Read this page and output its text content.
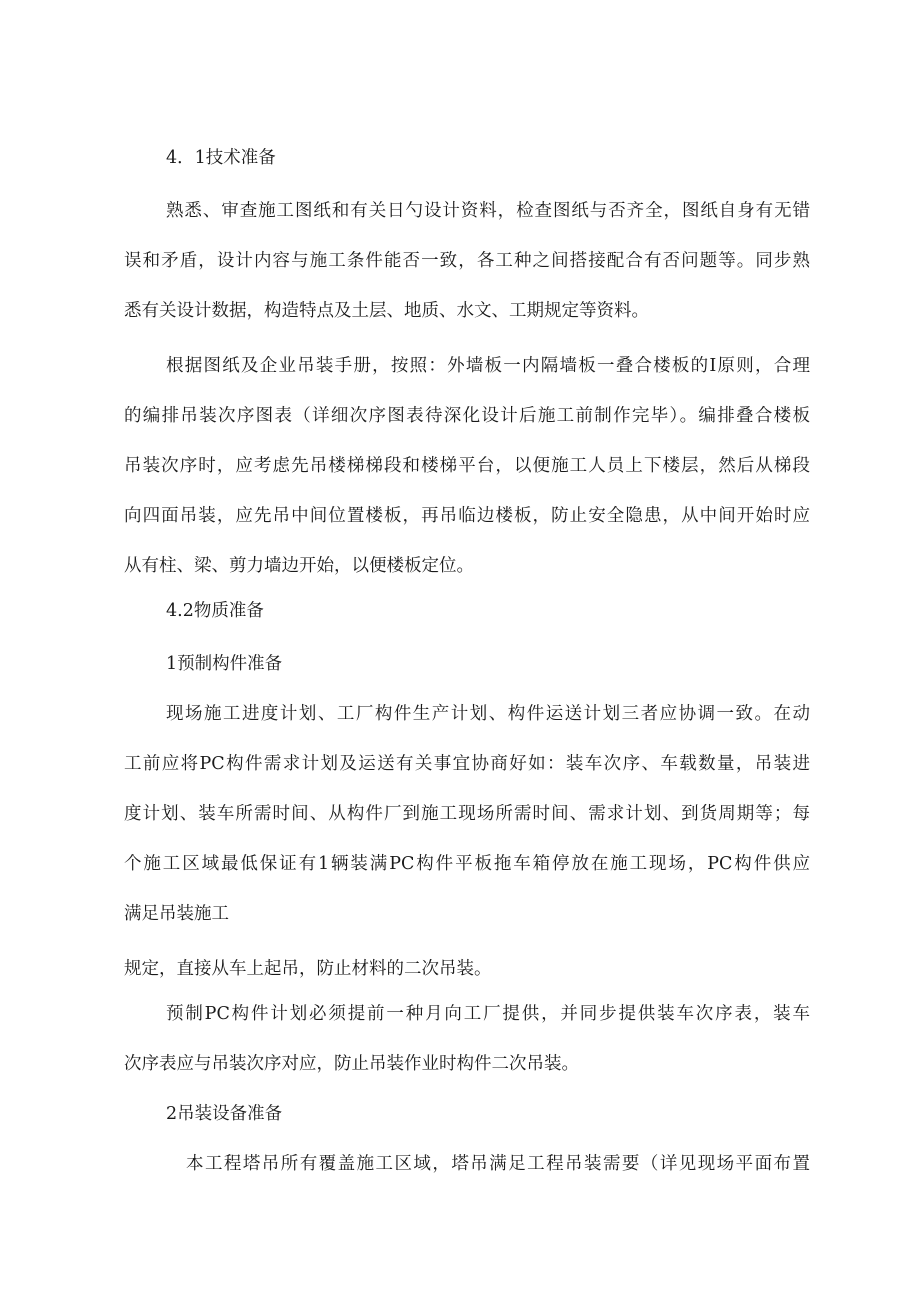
4．1技术准备

熟悉、审查施工图纸和有关日勺设计资料，检查图纸与否齐全，图纸自身有无错

误和矛盾，设计内容与施工条件能否一致，各工种之间搭接配合有否问题等。同步熟

悉有关设计数据，构造特点及土层、地质、水文、工期规定等资料。

根据图纸及企业吊装手册，按照：外墙板一内隔墙板一叠合楼板的I原则，合理

的编排吊装次序图表（详细次序图表待深化设计后施工前制作完毕）。编排叠合楼板

吊装次序时，应考虑先吊楼梯梯段和楼梯平台，以便施工人员上下楼层，然后从梯段

向四面吊装，应先吊中间位置楼板，再吊临边楼板，防止安全隐患，从中间开始时应

从有柱、梁、剪力墙边开始，以便楼板定位。

4.2物质准备

1预制构件准备

现场施工进度计划、工厂构件生产计划、构件运送计划三者应协调一致。在动

工前应将PC构件需求计划及运送有关事宜协商好如：装车次序、车载数量，吊装进

度计划、装车所需时间、从构件厂到施工现场所需时间、需求计划、到货周期等；每

个施工区域最低保证有1辆装满PC构件平板拖车箱停放在施工现场，PC构件供应

满足吊装施工

规定，直接从车上起吊，防止材料的二次吊装。

预制PC构件计划必须提前一种月向工厂提供，并同步提供装车次序表，装车

次序表应与吊装次序对应，防止吊装作业时构件二次吊装。

2吊装设备准备

本工程塔吊所有覆盖施工区域，塔吊满足工程吊装需要（详见现场平面布置
